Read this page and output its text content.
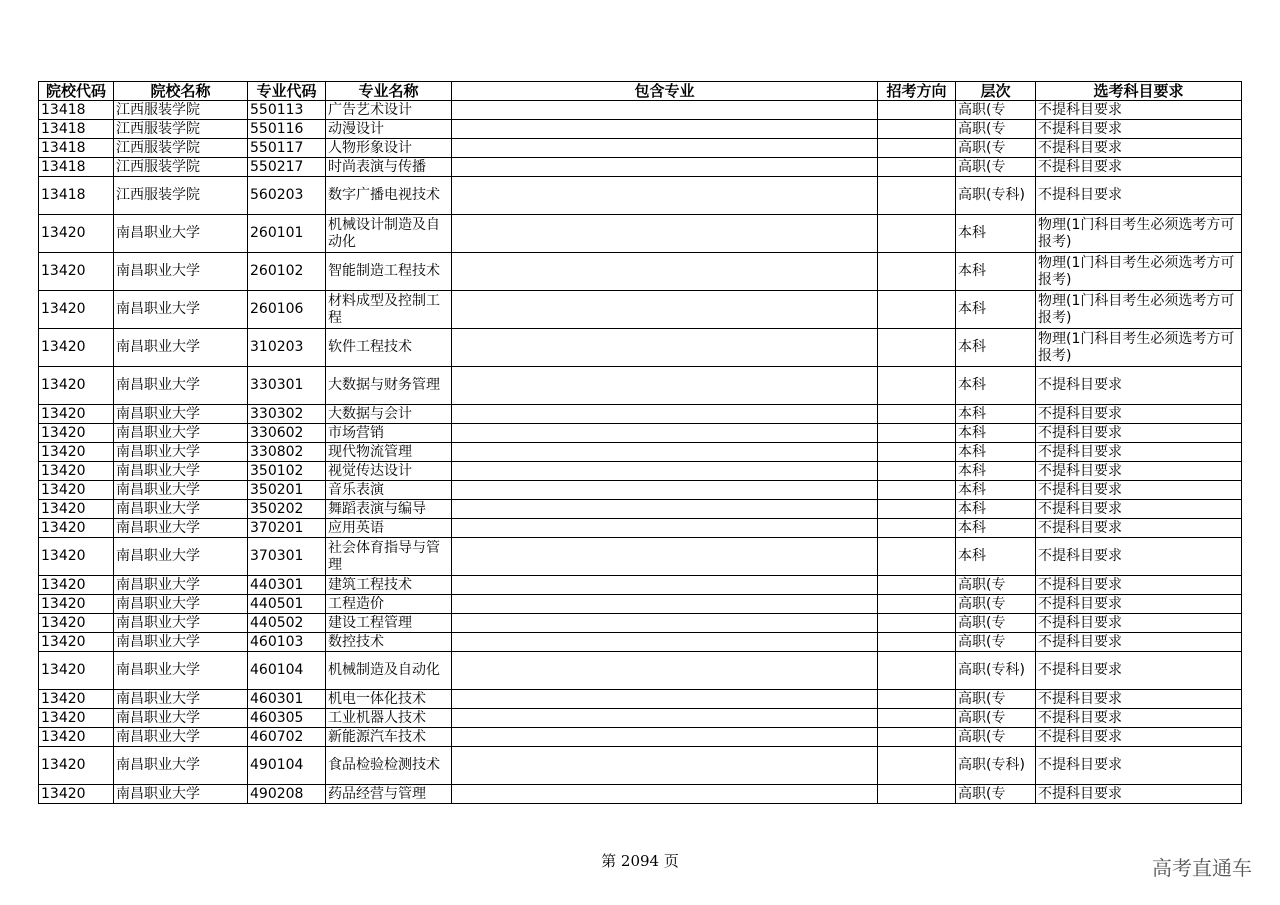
院校代码	院校名称	专业代码	专业名称	包含专业	招考方向	层次	选考科目要求
13418	江西服装学院	550113	广告艺术设计			高职(专	不提科目要求
13418	江西服装学院	550116	动漫设计			高职(专	不提科目要求
13418	江西服装学院	550117	人物形象设计			高职(专	不提科目要求
13418	江西服装学院	550217	时尚表演与传播			高职(专	不提科目要求
13418	江西服装学院	560203	数字广播电视技术			高职(专科)	不提科目要求
13420	南昌职业大学	260101	机械设计制造及自动化			本科	物理(1门科目考生必须选考方可报考)
13420	南昌职业大学	260102	智能制造工程技术			本科	物理(1门科目考生必须选考方可报考)
13420	南昌职业大学	260106	材料成型及控制工程			本科	物理(1门科目考生必须选考方可报考)
13420	南昌职业大学	310203	软件工程技术			本科	物理(1门科目考生必须选考方可报考)
13420	南昌职业大学	330301	大数据与财务管理			本科	不提科目要求
13420	南昌职业大学	330302	大数据与会计			本科	不提科目要求
13420	南昌职业大学	330602	市场营销			本科	不提科目要求
13420	南昌职业大学	330802	现代物流管理			本科	不提科目要求
13420	南昌职业大学	350102	视觉传达设计			本科	不提科目要求
13420	南昌职业大学	350201	音乐表演			本科	不提科目要求
13420	南昌职业大学	350202	舞蹈表演与编导			本科	不提科目要求
13420	南昌职业大学	370201	应用英语			本科	不提科目要求
13420	南昌职业大学	370301	社会体育指导与管理			本科	不提科目要求
13420	南昌职业大学	440301	建筑工程技术			高职(专	不提科目要求
13420	南昌职业大学	440501	工程造价			高职(专	不提科目要求
13420	南昌职业大学	440502	建设工程管理			高职(专	不提科目要求
13420	南昌职业大学	460103	数控技术			高职(专	不提科目要求
13420	南昌职业大学	460104	机械制造及自动化			高职(专科)	不提科目要求
13420	南昌职业大学	460301	机电一体化技术			高职(专	不提科目要求
13420	南昌职业大学	460305	工业机器人技术			高职(专	不提科目要求
13420	南昌职业大学	460702	新能源汽车技术			高职(专	不提科目要求
13420	南昌职业大学	490104	食品检验检测技术			高职(专科)	不提科目要求
13420	南昌职业大学	490208	药品经营与管理			高职(专	不提科目要求
第 2094 页	高考直通车
